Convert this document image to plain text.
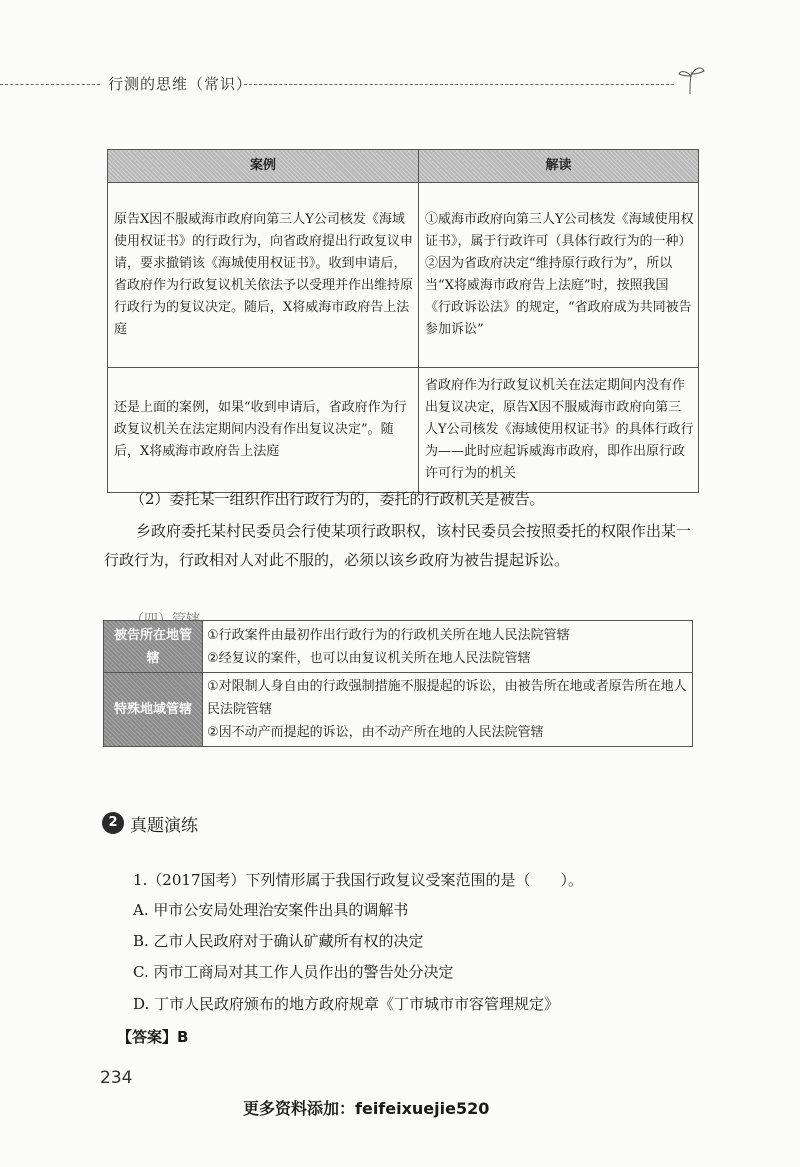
行测的思维（常识）
案例	解读
原告X因不服威海市政府向第三人Y公司核发《海域使用权证书》的行政行为，向省政府提出行政复议申请，要求撤销该《海城使用权证书》。收到申请后，省政府作为行政复议机关依法予以受理并作出维持原行政行为的复议决定。随后，X将威海市政府告上法庭	①威海市政府向第三人Y公司核发《海域使用权证书》，属于行政许可（具体行政行为的一种）
②因为省政府决定“维持原行政行为”，所以当“X将威海市政府告上法庭”时，按照我国《行政诉讼法》的规定，“省政府成为共同被告参加诉讼”

还是上面的案例，如果“收到申请后，省政府作为行政复议机关在法定期间内没有作出复议决定”。随后，X将威海市政府告上法庭	省政府作为行政复议机关在法定期间内没有作出复议决定，原告X因不服威海市政府向第三人Y公司核发《海域使用权证书》的具体行政行为——此时应起诉威海市政府，即作出原行政许可行为的机关
（2）委托某一组织作出行政行为的，委托的行政机关是被告。
乡政府委托某村民委员会行使某项行政职权，该村民委员会按照委托的权限作出某一行政行为，行政相对人对此不服的，必须以该乡政府为被告提起诉讼。
被告所在地管辖	①行政案件由最初作出行政行为的行政机关所在地人民法院管辖
②经复议的案件，也可以由复议机关所在地人民法院管辖

特殊地域管辖	①对限制人身自由的行政强制措施不服提起的诉讼，由被告所在地或者原告所在地人民法院管辖
②因不动产而提起的诉讼，由不动产所在地的人民法院管辖
2 真题演练
1.（2017国考）下列情形属于我国行政复议受案范围的是（　　）。
A. 甲市公安局处理治安案件出具的调解书
B. 乙市人民政府对于确认矿藏所有权的决定
C. 丙市工商局对其工作人员作出的警告处分决定
D. 丁市人民政府颁布的地方政府规章《丁市城市市容管理规定》
【答案】B
234
更多资料添加：feifeixuejie520
